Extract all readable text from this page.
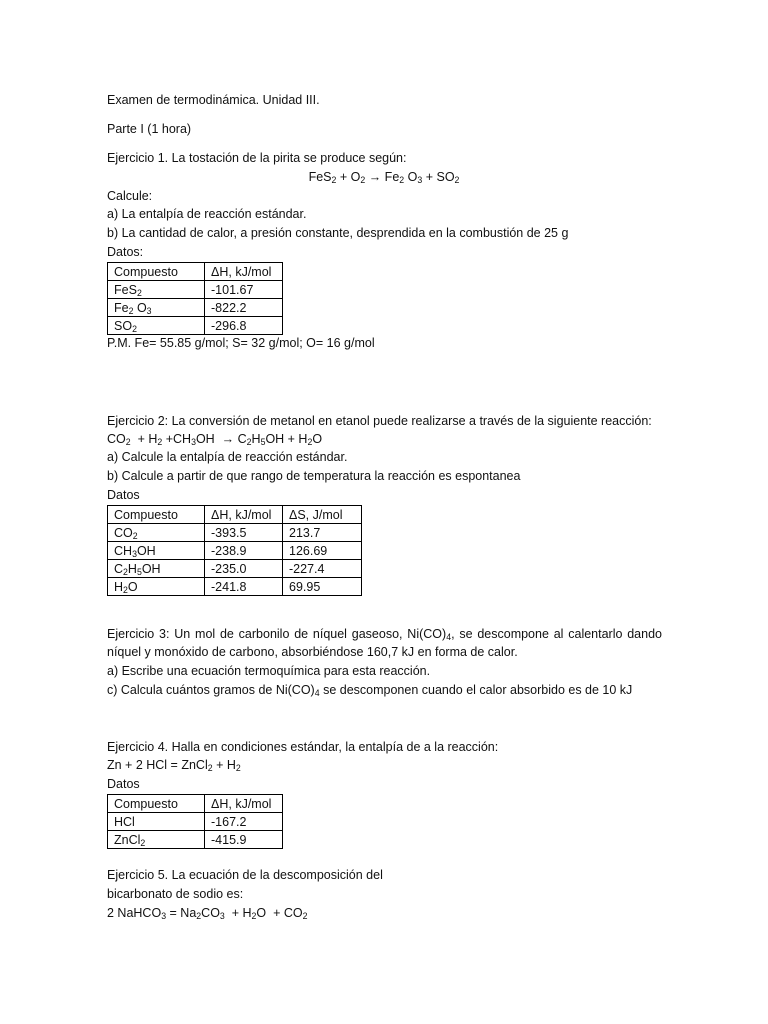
Examen de termodinámica. Unidad III.
Parte I (1 hora)
Ejercicio 1. La tostación de la pirita se produce según:
$FeS_2 + O_2 \to Fe_2$ $O_3 + SO_2$
Calcule:
a) La entalpía de reacción estándar.
b) La cantidad de calor, a presión constante, desprendida en la combustión de 25 g
Datos:
Compuesto	ΔH, kJ/mol
FeS$_2$	-101.67
$Fe_2$ $O_3$	-822.2
$SO_2$	-296.8
P.M. Fe= 55.85 g/mol; S= 32 g/mol; O= 16 g/mol
Ejercicio 2: La conversión de metanol en etanol puede realizarse a través de la siguiente reacción:
$CO_2 + H_2 +CH_3OH \to C_2H_5OH + H_2O$
a) Calcule la entalpía de reacción estándar.
b) Calcule a partir de que rango de temperatura la reacción es espontanea
Datos
Compuesto	ΔH, kJ/mol	ΔS, J/mol
$CO_2$	-393.5	213.7
$CH_3OH$	-238.9	126.69
$C_2H_5OH$	-235.0	-227.4
$H_2O$	-241.8	69.95
Ejercicio 3: Un mol de carbonilo de níquel gaseoso, $Ni(CO)_4$, se descompone al calentarlo dando
níquel y monóxido de carbono, absorbiéndose 160,7 kJ en forma de calor.
a) Escribe una ecuación termoquímica para esta reacción.
c) Calcula cuántos gramos de $Ni(CO)_4$ se descomponen cuando el calor absorbido es de 10 kJ
Ejercicio 4. Halla en condiciones estándar, la entalpía de a la reacción:
Zn + 2 HCl = ZnCl$_2$ + $H_2$
Datos
Compuesto	ΔH, kJ/mol
HCl	-167.2
ZnCl$_2$	-415.9
Ejercicio 5. La ecuación de la descomposición del
bicarbonato de sodio es:
2 NaHCO$_3$ = $Na_2CO_3 + H_2O + CO_2$
